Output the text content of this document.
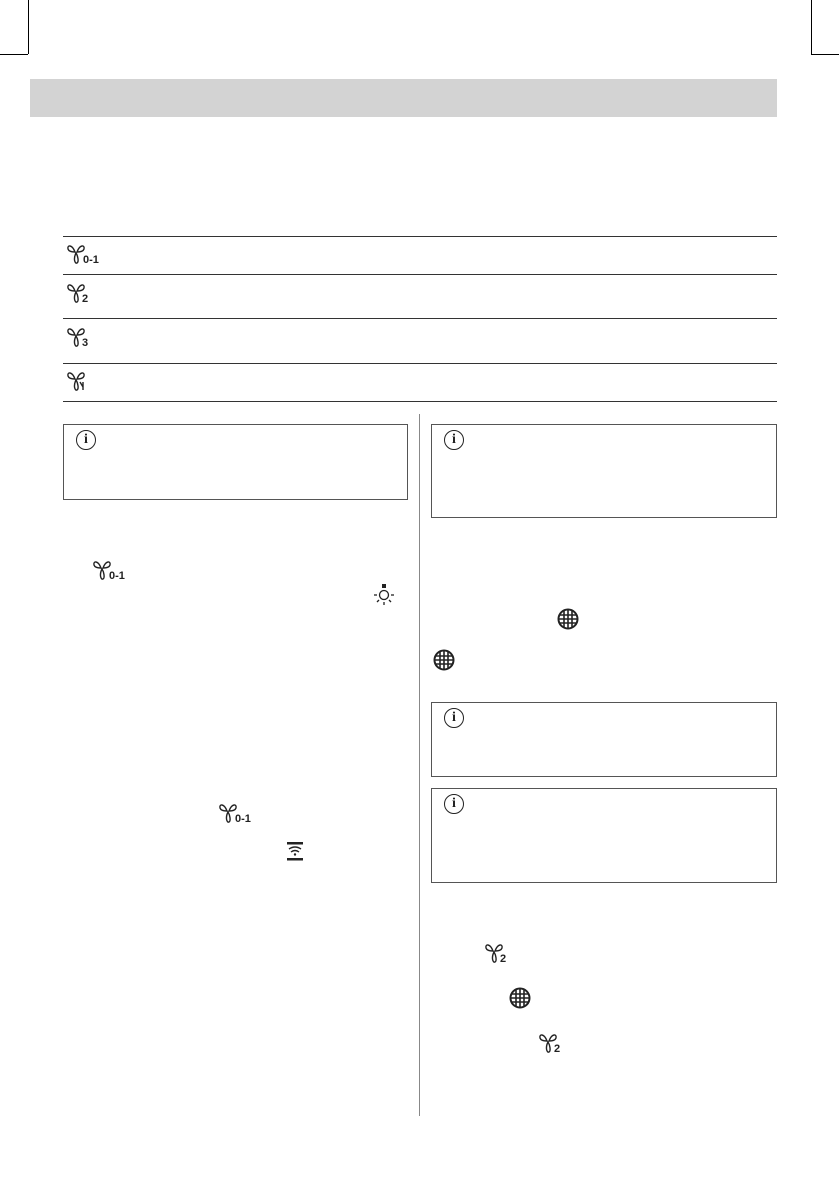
0-1
2
3
i
0-1
0-1
i
i
i
2
2
